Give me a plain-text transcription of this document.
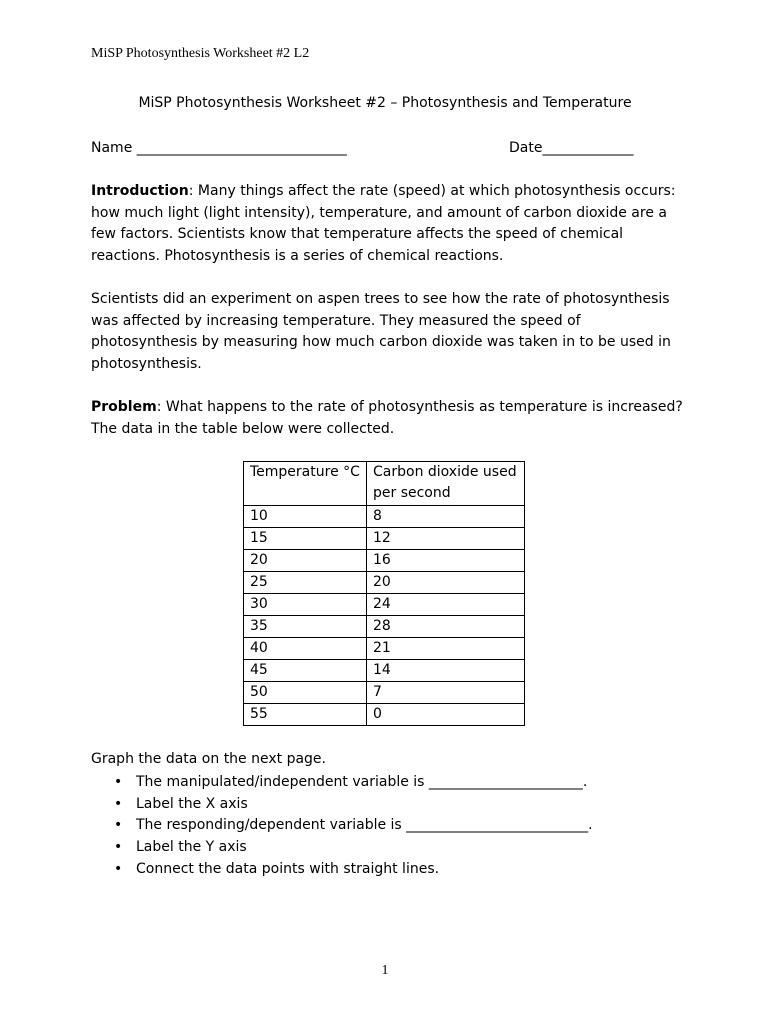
MiSP Photosynthesis Worksheet #2 L2
MiSP Photosynthesis Worksheet #2 – Photosynthesis and Temperature
Name ______________________________	Date_____________

Introduction: Many things affect the rate (speed) at which photosynthesis occurs: how much light (light intensity), temperature, and amount of carbon dioxide are a few factors. Scientists know that temperature affects the speed of chemical reactions. Photosynthesis is a series of chemical reactions.

Scientists did an experiment on aspen trees to see how the rate of photosynthesis was affected by increasing temperature. They measured the speed of photosynthesis by measuring how much carbon dioxide was taken in to be used in photosynthesis.

Problem: What happens to the rate of photosynthesis as temperature is increased? The data in the table below were collected.

Temperature °C	Carbon dioxide used per second
10	8
15	12
20	16
25	20
30	24
35	28
40	21
45	14
50	7
55	0
Graph the data on the next page.
• The manipulated/independent variable is ______________________.
• Label the X axis
• The responding/dependent variable is __________________________.
• Label the Y axis
• Connect the data points with straight lines.
1
